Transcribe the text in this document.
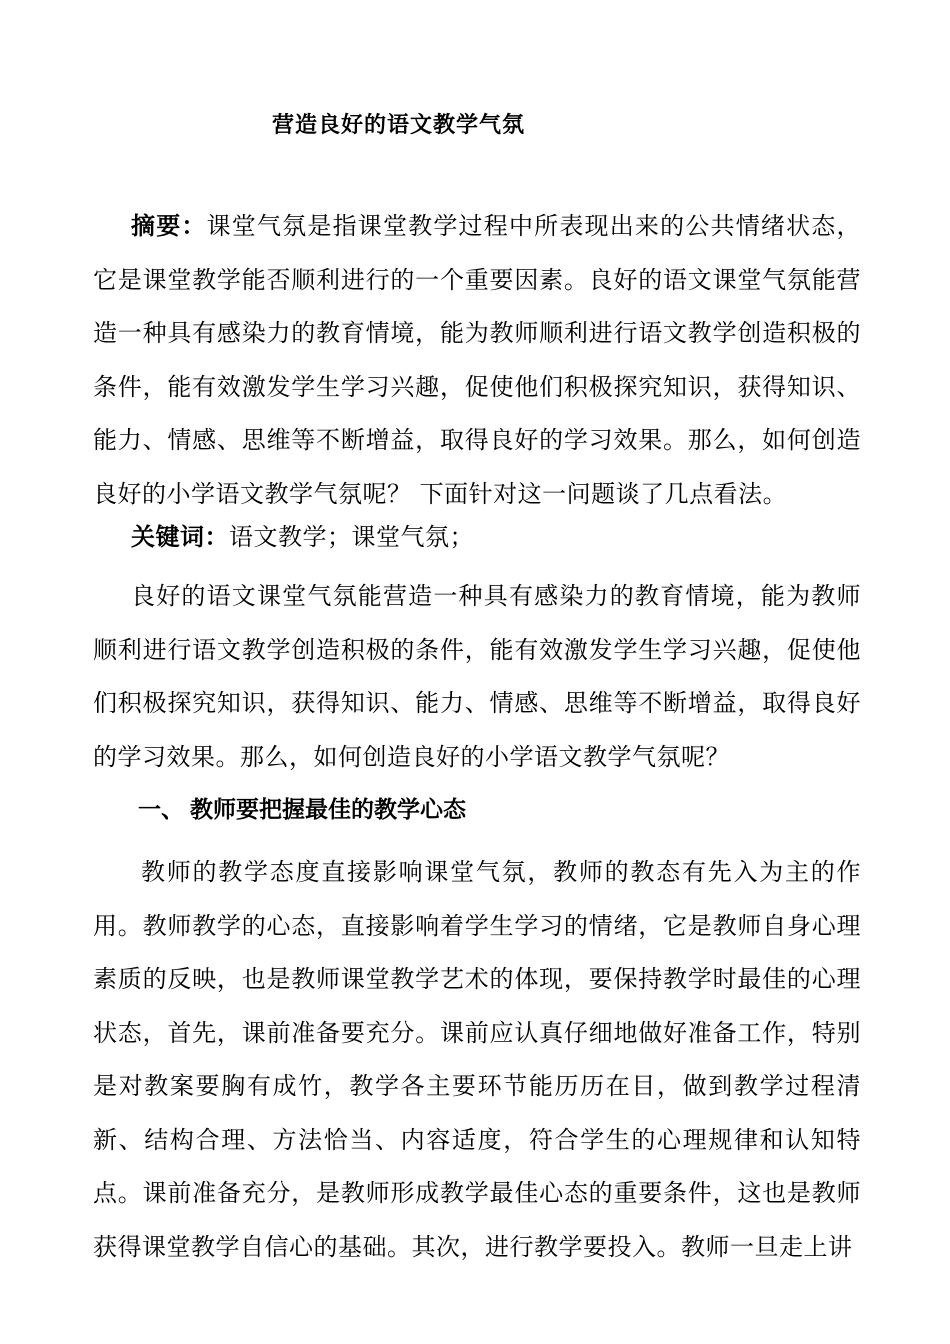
营造良好的语文教学气氛
摘要：课堂气氛是指课堂教学过程中所表现出来的公共情绪状态，它是课堂教学能否顺利进行的一个重要因素。良好的语文课堂气氛能营造一种具有感染力的教育情境，能为教师顺利进行语文教学创造积极的条件，能有效激发学生学习兴趣，促使他们积极探究知识，获得知识、能力、情感、思维等不断增益，取得良好的学习效果。那么，如何创造良好的小学语文教学气氛呢？ 下面针对这一问题谈了几点看法。
关键词：语文教学；课堂气氛；
良好的语文课堂气氛能营造一种具有感染力的教育情境，能为教师顺利进行语文教学创造积极的条件，能有效激发学生学习兴趣，促使他们积极探究知识，获得知识、能力、情感、思维等不断增益，取得良好的学习效果。那么，如何创造良好的小学语文教学气氛呢？
一、 教师要把握最佳的教学心态
教师的教学态度直接影响课堂气氛，教师的教态有先入为主的作用。教师教学的心态，直接影响着学生学习的情绪，它是教师自身心理素质的反映，也是教师课堂教学艺术的体现，要保持教学时最佳的心理状态，首先，课前准备要充分。课前应认真仔细地做好准备工作，特别是对教案要胸有成竹，教学各主要环节能历历在目，做到教学过程清新、结构合理、方法恰当、内容适度，符合学生的心理规律和认知特点。课前准备充分，是教师形成教学最佳心态的重要条件，这也是教师获得课堂教学自信心的基础。其次，进行教学要投入。教师一旦走上讲
